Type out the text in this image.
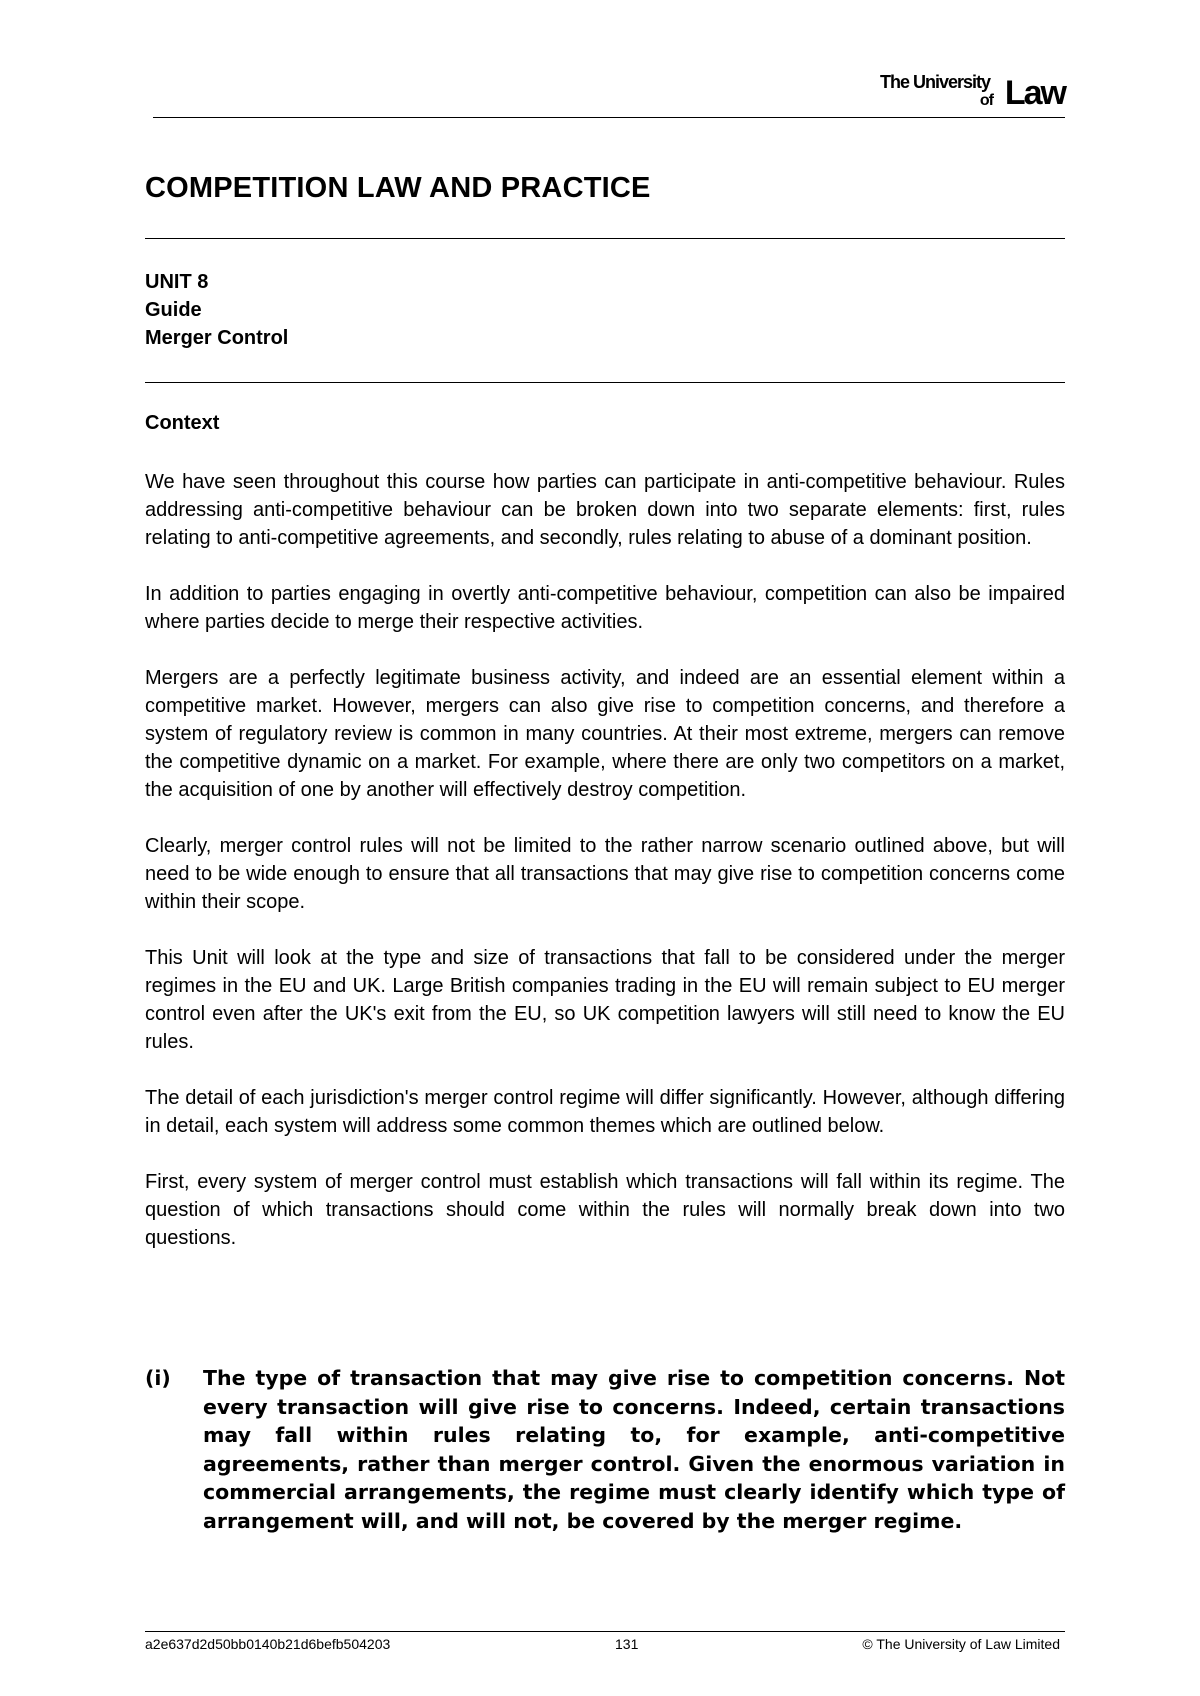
The University
of Law
COMPETITION LAW AND PRACTICE
UNIT 8
Guide
Merger Control
Context

We have seen throughout this course how parties can participate in anti-competitive behaviour. Rules addressing anti-competitive behaviour can be broken down into two separate elements: first, rules relating to anti-competitive agreements, and secondly, rules relating to abuse of a dominant position.

In addition to parties engaging in overtly anti-competitive behaviour, competition can also be impaired where parties decide to merge their respective activities.

Mergers are a perfectly legitimate business activity, and indeed are an essential element within a competitive market. However, mergers can also give rise to competition concerns, and therefore a system of regulatory review is common in many countries. At their most extreme, mergers can remove the competitive dynamic on a market. For example, where there are only two competitors on a market, the acquisition of one by another will effectively destroy competition.

Clearly, merger control rules will not be limited to the rather narrow scenario outlined above, but will need to be wide enough to ensure that all transactions that may give rise to competition concerns come within their scope.

This Unit will look at the type and size of transactions that fall to be considered under the merger regimes in the EU and UK. Large British companies trading in the EU will remain subject to EU merger control even after the UK's exit from the EU, so UK competition lawyers will still need to know the EU rules.

The detail of each jurisdiction's merger control regime will differ significantly. However, although differing in detail, each system will address some common themes which are outlined below.

First, every system of merger control must establish which transactions will fall within its regime. The question of which transactions should come within the rules will normally break down into two questions.

(i) The type of transaction that may give rise to competition concerns. Not every transaction will give rise to concerns. Indeed, certain transactions may fall within rules relating to, for example, anti-competitive agreements, rather than merger control. Given the enormous variation in commercial arrangements, the regime must clearly identify which type of arrangement will, and will not, be covered by the merger regime.
a2e637d2d50bb0140b21d6befb504203	131	© The University of Law Limited
